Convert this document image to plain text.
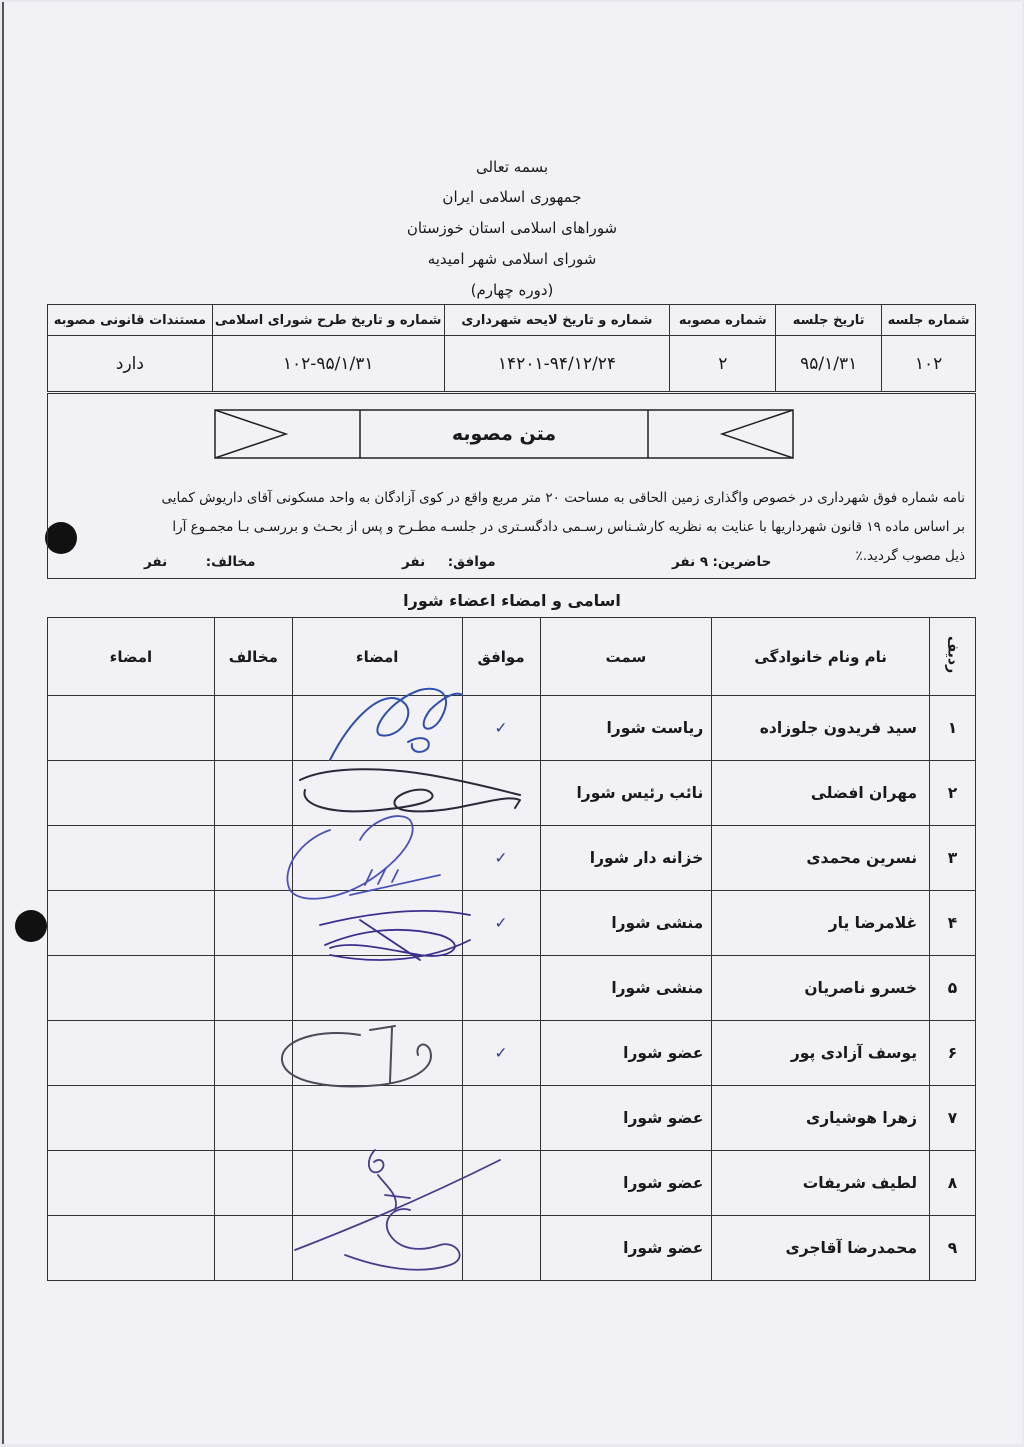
بسمه تعالی
جمهوری اسلامی ایران
شوراهای اسلامی استان خوزستان
شورای اسلامی شهر امیدیه
(دوره چهارم)
شماره جلسه	تاریخ جلسه	شماره مصوبه	شماره و تاریخ لایحه شهرداری	شماره و تاریخ طرح شورای اسلامی	مستندات قانونی مصوبه
۱۰۲	۹۵/۱/۳۱	۲	۱۴۲۰۱-۹۴/۱۲/۲۴	۱۰۲-۹۵/۱/۳۱	دارد
متن مصوبه

نامه شماره فوق شهرداری در خصوص واگذاری زمین الحاقی به مساحت ۲۰ متر مربع واقع در کوی آزادگان به واحد مسکونی آقای داریوش کمایی

بر اساس ماده ۱۹ قانون شهرداریها با عنایت به نظریه کارشـناس رسـمی دادگسـتری در جلسـه مطـرح و پس از بحـث و بررسـی بـا مجمـوع آرا

ذیل مصوب گردید.٪

حاضرین: ۹ نفر
موافق:  نفر
مخالف:  نفر
اسامی و امضاء اعضاء شورا
ردیف	نام ونام خانوادگی	سمت	موافق	امضاء	مخالف	امضاء
۱	سید فریدون جلوزاده	ریاست شورا	✓			
۲	مهران افضلی	نائب رئیس شورا				
۳	نسرین محمدی	خزانه دار شورا	✓			
۴	غلامرضا یار	منشی شورا	✓			
۵	خسرو ناصریان	منشی شورا				
۶	یوسف آزادی پور	عضو شورا	✓			
۷	زهرا هوشیاری	عضو شورا				
۸	لطیف شریفات	عضو شورا				
۹	محمدرضا آقاجری	عضو شورا				
